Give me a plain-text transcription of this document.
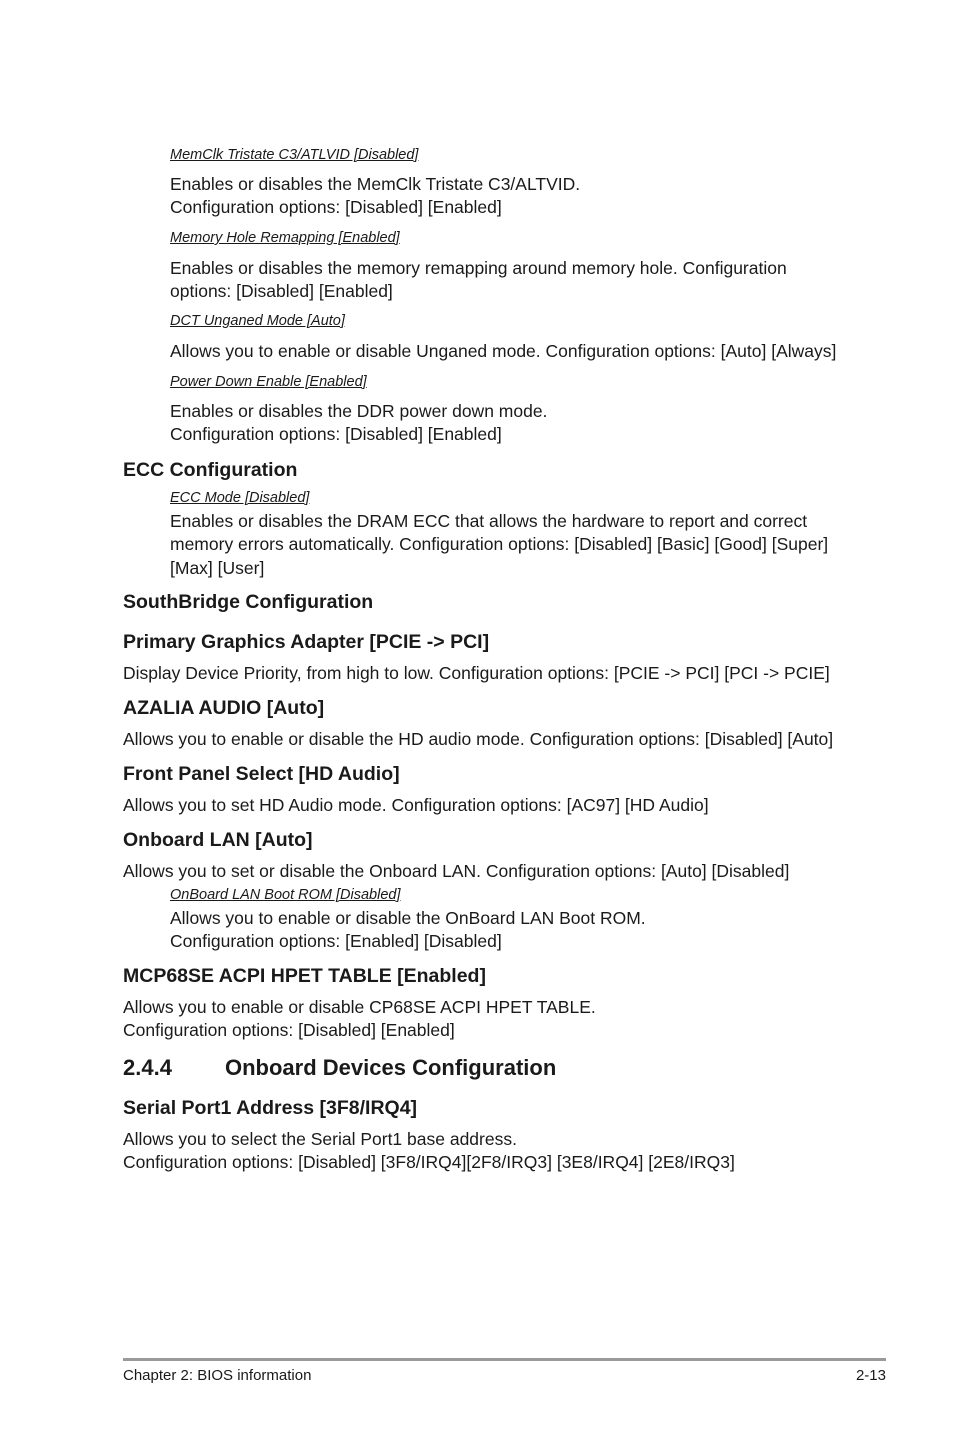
MemClk Tristate C3/ATLVID [Disabled]
Enables or disables the MemClk Tristate C3/ALTVID.
Configuration options: [Disabled] [Enabled]
Memory Hole Remapping [Enabled]
Enables or disables the memory remapping around memory hole. Configuration
options: [Disabled] [Enabled]
DCT Unganed Mode [Auto]
Allows you to enable or disable Unganed mode. Configuration options: [Auto] [Always]
Power Down Enable [Enabled]
Enables or disables the DDR power down mode.
Configuration options: [Disabled] [Enabled]
ECC Configuration
ECC Mode [Disabled]
Enables or disables the DRAM ECC that allows the hardware to report and correct
memory errors automatically. Configuration options: [Disabled] [Basic] [Good] [Super]
[Max] [User]
SouthBridge Configuration
Primary Graphics Adapter [PCIE -> PCI]
Display Device Priority, from high to low. Configuration options: [PCIE -> PCI] [PCI -> PCIE]
AZALIA AUDIO [Auto]
Allows you to enable or disable the HD audio mode. Configuration options: [Disabled] [Auto]
Front Panel Select [HD Audio]
Allows you to set HD Audio mode. Configuration options: [AC97] [HD Audio]
Onboard LAN [Auto]
Allows you to set or disable the Onboard LAN. Configuration options: [Auto] [Disabled]
OnBoard LAN Boot ROM [Disabled]
Allows you to enable or disable the OnBoard LAN Boot ROM.
Configuration options: [Enabled] [Disabled]
MCP68SE ACPI HPET TABLE [Enabled]
Allows you to enable or disable CP68SE ACPI HPET TABLE.
Configuration options: [Disabled] [Enabled]
2.4.4 Onboard Devices Configuration
Serial Port1 Address [3F8/IRQ4]
Allows you to select the Serial Port1 base address.
Configuration options: [Disabled] [3F8/IRQ4][2F8/IRQ3] [3E8/IRQ4] [2E8/IRQ3]
Chapter 2: BIOS information	2-13
